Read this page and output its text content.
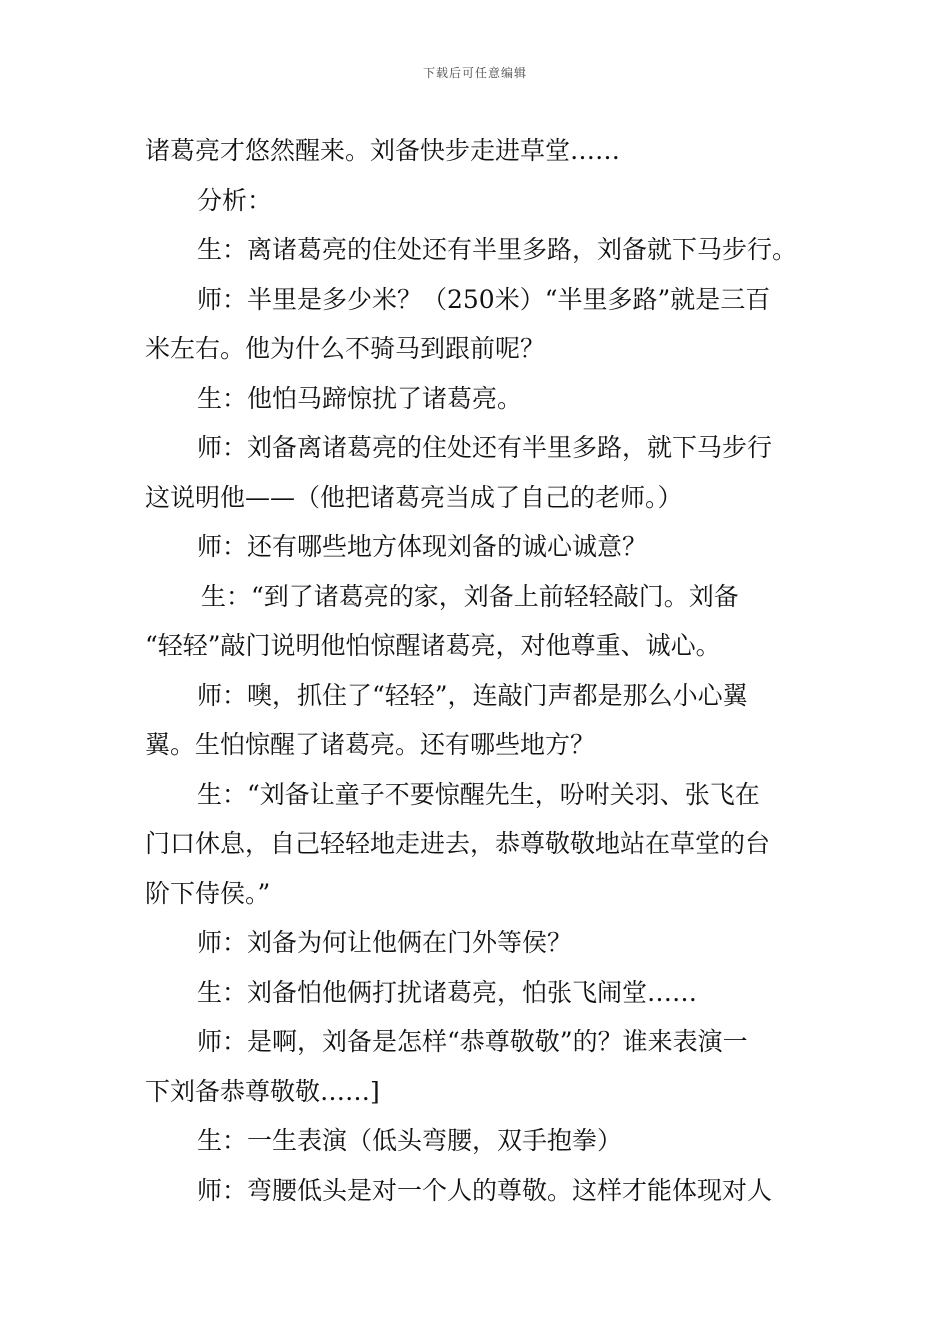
下载后可任意编辑
诸葛亮才悠然醒来。刘备快步走进草堂……
分析：
生：离诸葛亮的住处还有半里多路，刘备就下马步行。
师：半里是多少米？（250米）“半里多路”就是三百
米左右。他为什么不骑马到跟前呢？
生：他怕马蹄惊扰了诸葛亮。
师：刘备离诸葛亮的住处还有半里多路，就下马步行
这说明他——（他把诸葛亮当成了自己的老师。）
师：还有哪些地方体现刘备的诚心诚意？
生：“到了诸葛亮的家，刘备上前轻轻敲门。刘备
“轻轻”敲门说明他怕惊醒诸葛亮，对他尊重、诚心。
师：噢，抓住了“轻轻”，连敲门声都是那么小心翼
翼。生怕惊醒了诸葛亮。还有哪些地方？
生：“刘备让童子不要惊醒先生，吩咐关羽、张飞在
门口休息，自己轻轻地走进去，恭尊敬敬地站在草堂的台
阶下侍侯。”
师：刘备为何让他俩在门外等侯？
生：刘备怕他俩打扰诸葛亮，怕张飞闹堂……
师：是啊，刘备是怎样“恭尊敬敬”的？谁来表演一
下刘备恭尊敬敬……]
生：一生表演（低头弯腰，双手抱拳）
师：弯腰低头是对一个人的尊敬。这样才能体现对人
